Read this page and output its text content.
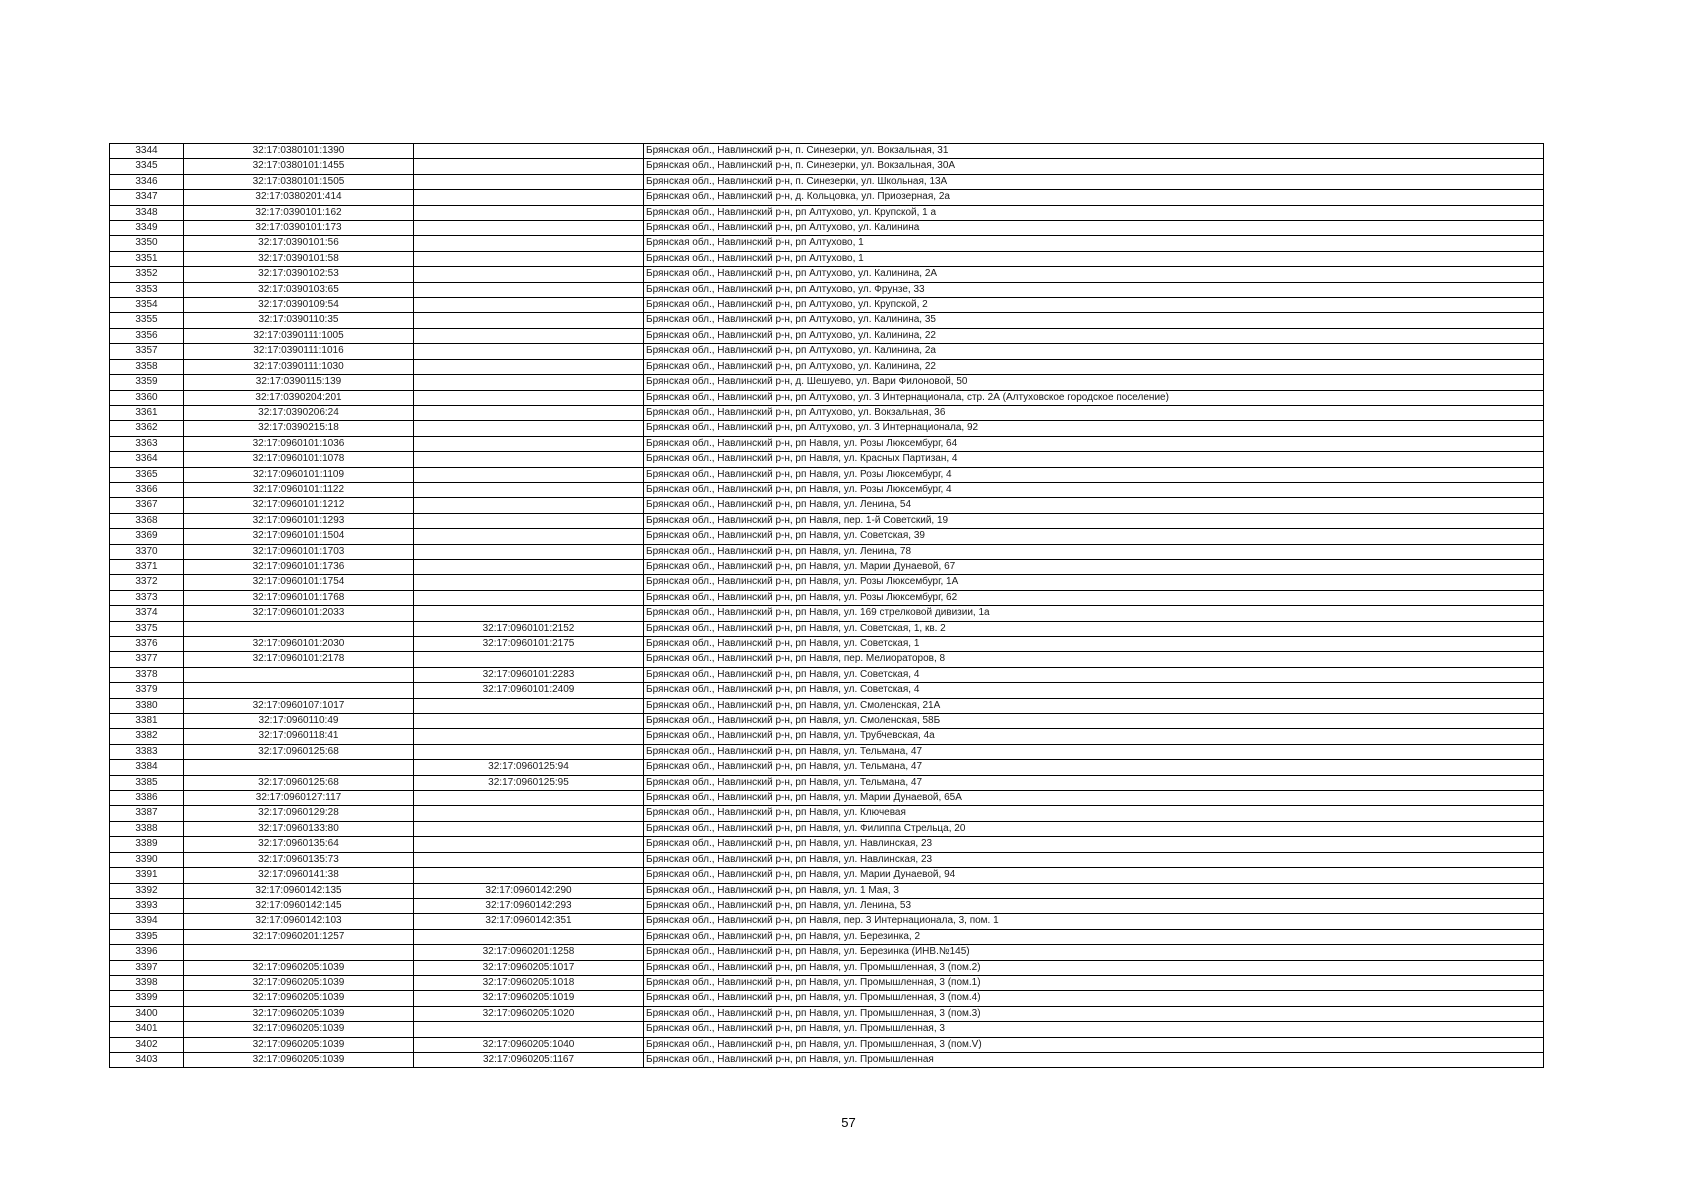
3344	32:17:0380101:1390		Брянская обл., Навлинский р-н, п. Синезерки, ул. Вокзальная, 31
3345	32:17:0380101:1455		Брянская обл., Навлинский р-н, п. Синезерки, ул. Вокзальная, 30А
3346	32:17:0380101:1505		Брянская обл., Навлинский р-н, п. Синезерки, ул. Школьная, 13А
3347	32:17:0380201:414		Брянская обл., Навлинский р-н, д. Кольцовка, ул. Приозерная, 2а
3348	32:17:0390101:162		Брянская обл., Навлинский р-н, рп Алтухово, ул. Крупской, 1 а
3349	32:17:0390101:173		Брянская обл., Навлинский р-н, рп Алтухово, ул. Калинина
3350	32:17:0390101:56		Брянская обл., Навлинский р-н, рп Алтухово, 1
3351	32:17:0390101:58		Брянская обл., Навлинский р-н, рп Алтухово, 1
3352	32:17:0390102:53		Брянская обл., Навлинский р-н, рп Алтухово, ул. Калинина, 2А
3353	32:17:0390103:65		Брянская обл., Навлинский р-н, рп Алтухово, ул. Фрунзе, 33
3354	32:17:0390109:54		Брянская обл., Навлинский р-н, рп Алтухово, ул. Крупской, 2
3355	32:17:0390110:35		Брянская обл., Навлинский р-н, рп Алтухово, ул. Калинина, 35
3356	32:17:0390111:1005		Брянская обл., Навлинский р-н, рп Алтухово, ул. Калинина, 22
3357	32:17:0390111:1016		Брянская обл., Навлинский р-н, рп Алтухово, ул. Калинина, 2а
3358	32:17:0390111:1030		Брянская обл., Навлинский р-н, рп Алтухово, ул. Калинина, 22
3359	32:17:0390115:139		Брянская обл., Навлинский р-н, д. Шешуево, ул. Вари Филоновой, 50
3360	32:17:0390204:201		Брянская обл., Навлинский р-н, рп Алтухово, ул. 3 Интернационала, стр. 2А (Алтуховское городское поселение)
3361	32:17:0390206:24		Брянская обл., Навлинский р-н, рп Алтухово, ул. Вокзальная, 36
3362	32:17:0390215:18		Брянская обл., Навлинский р-н, рп Алтухово, ул. 3 Интернационала, 92
3363	32:17:0960101:1036		Брянская обл., Навлинский р-н, рп Навля, ул. Розы Люксембург, 64
3364	32:17:0960101:1078		Брянская обл., Навлинский р-н, рп Навля, ул. Красных Партизан, 4
3365	32:17:0960101:1109		Брянская обл., Навлинский р-н, рп Навля, ул. Розы Люксембург, 4
3366	32:17:0960101:1122		Брянская обл., Навлинский р-н, рп Навля, ул. Розы Люксембург, 4
3367	32:17:0960101:1212		Брянская обл., Навлинский р-н, рп Навля, ул. Ленина, 54
3368	32:17:0960101:1293		Брянская обл., Навлинский р-н, рп Навля, пер. 1-й Советский, 19
3369	32:17:0960101:1504		Брянская обл., Навлинский р-н, рп Навля, ул. Советская, 39
3370	32:17:0960101:1703		Брянская обл., Навлинский р-н, рп Навля, ул. Ленина, 78
3371	32:17:0960101:1736		Брянская обл., Навлинский р-н, рп Навля, ул. Марии Дунаевой, 67
3372	32:17:0960101:1754		Брянская обл., Навлинский р-н, рп Навля, ул. Розы Люксембург, 1А
3373	32:17:0960101:1768		Брянская обл., Навлинский р-н, рп Навля, ул. Розы Люксембург, 62
3374	32:17:0960101:2033		Брянская обл., Навлинский р-н, рп Навля, ул. 169 стрелковой дивизии, 1а
3375		32:17:0960101:2152	Брянская обл., Навлинский р-н, рп Навля, ул. Советская, 1, кв. 2
3376	32:17:0960101:2030	32:17:0960101:2175	Брянская обл., Навлинский р-н, рп Навля, ул. Советская, 1
3377	32:17:0960101:2178		Брянская обл., Навлинский р-н, рп Навля, пер. Мелиораторов, 8
3378		32:17:0960101:2283	Брянская обл., Навлинский р-н, рп Навля, ул. Советская, 4
3379		32:17:0960101:2409	Брянская обл., Навлинский р-н, рп Навля, ул. Советская, 4
3380	32:17:0960107:1017		Брянская обл., Навлинский р-н, рп Навля, ул. Смоленская, 21А
3381	32:17:0960110:49		Брянская обл., Навлинский р-н, рп Навля, ул. Смоленская, 58Б
3382	32:17:0960118:41		Брянская обл., Навлинский р-н, рп Навля, ул. Трубчевская, 4а
3383	32:17:0960125:68		Брянская обл., Навлинский р-н, рп Навля, ул. Тельмана, 47
3384		32:17:0960125:94	Брянская обл., Навлинский р-н, рп Навля, ул. Тельмана, 47
3385	32:17:0960125:68	32:17:0960125:95	Брянская обл., Навлинский р-н, рп Навля, ул. Тельмана, 47
3386	32:17:0960127:117		Брянская обл., Навлинский р-н, рп Навля, ул. Марии Дунаевой, 65А
3387	32:17:0960129:28		Брянская обл., Навлинский р-н, рп Навля, ул. Ключевая
3388	32:17:0960133:80		Брянская обл., Навлинский р-н, рп Навля, ул. Филиппа Стрельца, 20
3389	32:17:0960135:64		Брянская обл., Навлинский р-н, рп Навля, ул. Навлинская, 23
3390	32:17:0960135:73		Брянская обл., Навлинский р-н, рп Навля, ул. Навлинская, 23
3391	32:17:0960141:38		Брянская обл., Навлинский р-н, рп Навля, ул. Марии Дунаевой, 94
3392	32:17:0960142:135	32:17:0960142:290	Брянская обл., Навлинский р-н, рп Навля, ул. 1 Мая, 3
3393	32:17:0960142:145	32:17:0960142:293	Брянская обл., Навлинский р-н, рп Навля, ул. Ленина, 53
3394	32:17:0960142:103	32:17:0960142:351	Брянская обл., Навлинский р-н, рп Навля, пер. 3 Интернационала, 3, пом. 1
3395	32:17:0960201:1257		Брянская обл., Навлинский р-н, рп Навля, ул. Березинка, 2
3396		32:17:0960201:1258	Брянская обл., Навлинский р-н, рп Навля, ул. Березинка (ИНВ.№145)
3397	32:17:0960205:1039	32:17:0960205:1017	Брянская обл., Навлинский р-н, рп Навля, ул. Промышленная, 3 (пом.2)
3398	32:17:0960205:1039	32:17:0960205:1018	Брянская обл., Навлинский р-н, рп Навля, ул. Промышленная, 3 (пом.1)
3399	32:17:0960205:1039	32:17:0960205:1019	Брянская обл., Навлинский р-н, рп Навля, ул. Промышленная, 3 (пом.4)
3400	32:17:0960205:1039	32:17:0960205:1020	Брянская обл., Навлинский р-н, рп Навля, ул. Промышленная, 3 (пом.3)
3401	32:17:0960205:1039		Брянская обл., Навлинский р-н, рп Навля, ул. Промышленная, 3
3402	32:17:0960205:1039	32:17:0960205:1040	Брянская обл., Навлинский р-н, рп Навля, ул. Промышленная, 3 (пом.V)
3403	32:17:0960205:1039	32:17:0960205:1167	Брянская обл., Навлинский р-н, рп Навля, ул. Промышленная
57
